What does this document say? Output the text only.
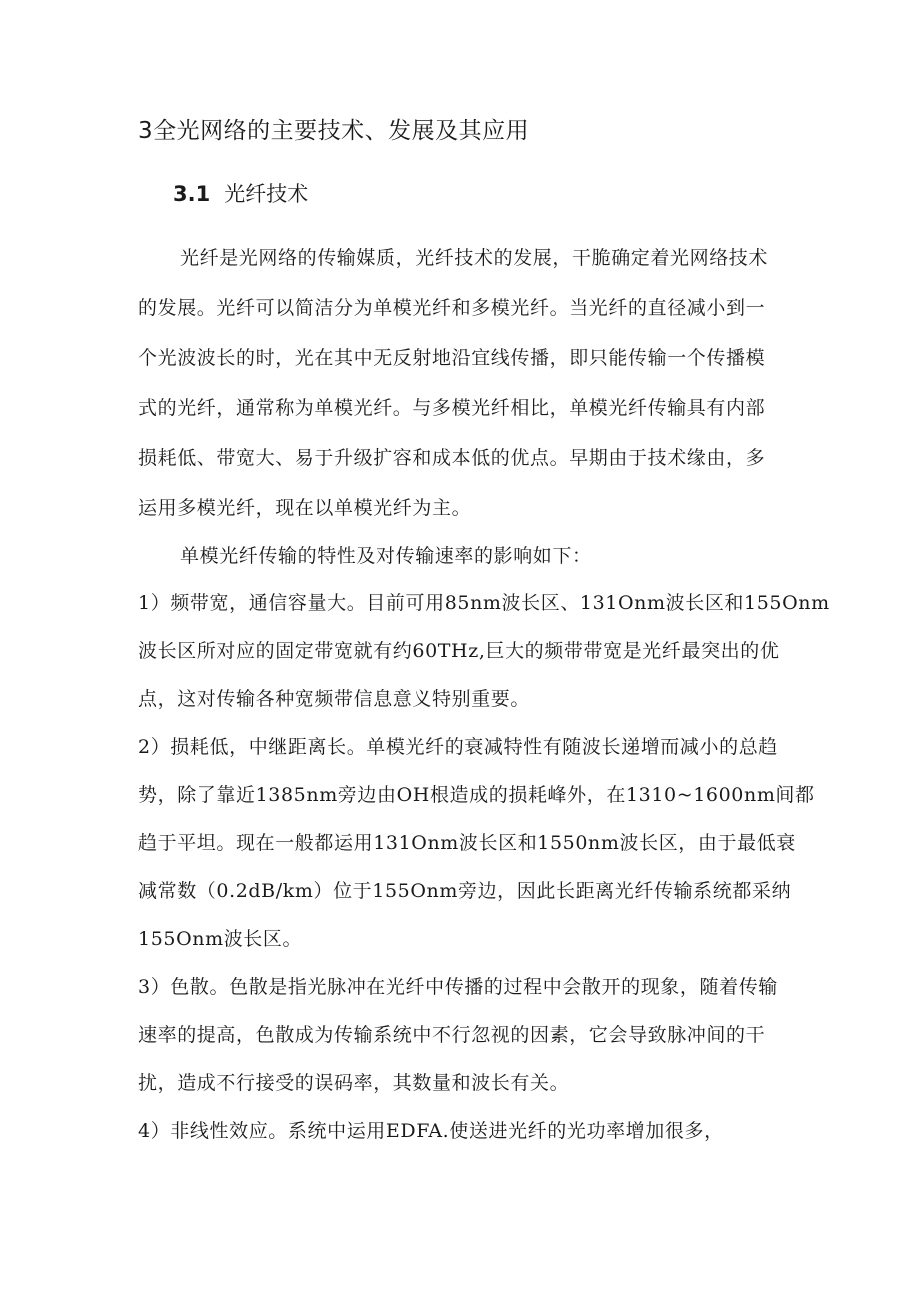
3全光网络的主要技术、发展及其应用
3.1 光纤技术
光纤是光网络的传输媒质，光纤技术的发展，干脆确定着光网络技术
的发展。光纤可以简洁分为单模光纤和多模光纤。当光纤的直径减小到一
个光波波长的时，光在其中无反射地沿宜线传播，即只能传输一个传播模
式的光纤，通常称为单模光纤。与多模光纤相比，单模光纤传输具有内部
损耗低、带宽大、易于升级扩容和成本低的优点。早期由于技术缘由，多
运用多模光纤，现在以单模光纤为主。
单模光纤传输的特性及对传输速率的影响如下：
1）频带宽，通信容量大。目前可用85nm波长区、131Onm波长区和155Onm
波长区所对应的固定带宽就有约60THz,巨大的频带带宽是光纤最突出的优
点，这对传输各种宽频带信息意义特别重要。
2）损耗低，中继距离长。单模光纤的衰减特性有随波长递增而减小的总趋
势，除了靠近1385nm旁边由OH根造成的损耗峰外，在1310~1600nm间都
趋于平坦。现在一般都运用131Onm波长区和1550nm波长区，由于最低衰
减常数（0.2dB∕km）位于155Onm旁边，因此长距离光纤传输系统都采纳
155Onm波长区。
3）色散。色散是指光脉冲在光纤中传播的过程中会散开的现象，随着传输
速率的提高，色散成为传输系统中不行忽视的因素，它会导致脉冲间的干
扰，造成不行接受的误码率，其数量和波长有关。
4）非线性效应。系统中运用EDFA.使送进光纤的光功率增加很多，
